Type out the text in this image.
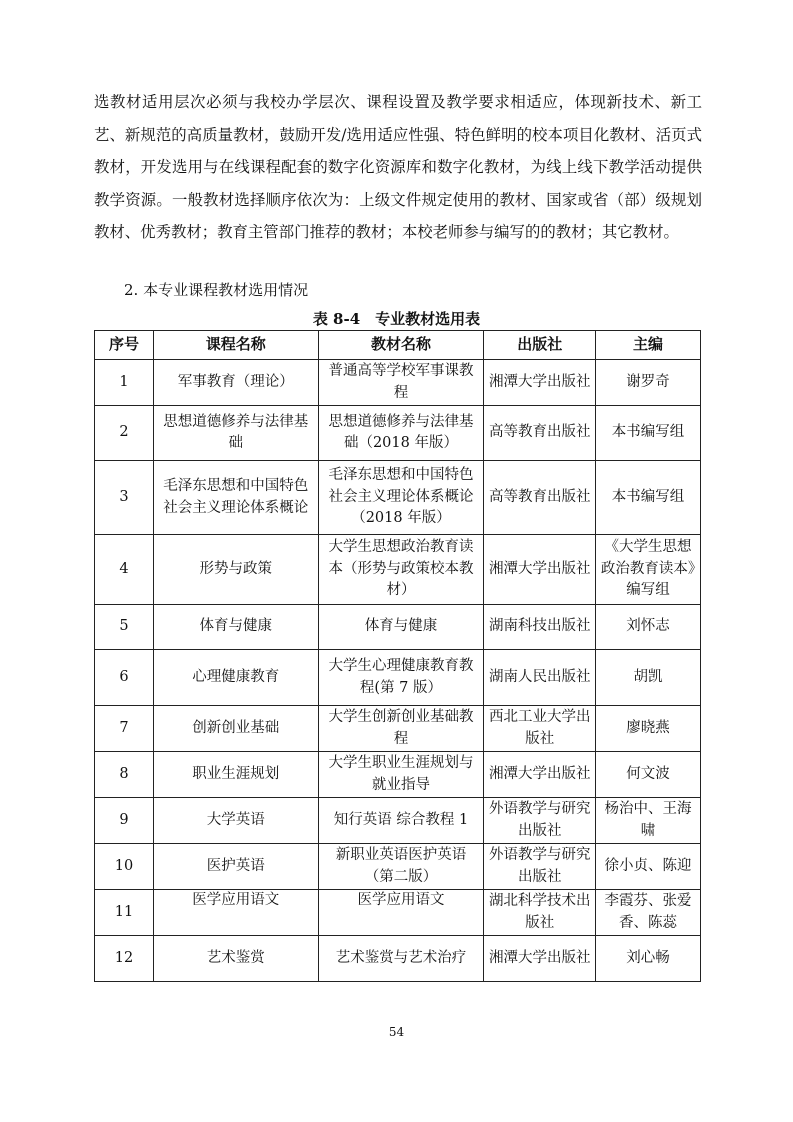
选教材适用层次必须与我校办学层次、课程设置及教学要求相适应，体现新技术、新工艺、新规范的高质量教材，鼓励开发/选用适应性强、特色鲜明的校本项目化教材、活页式教材，开发选用与在线课程配套的数字化资源库和数字化教材，为线上线下教学活动提供教学资源。一般教材选择顺序依次为：上级文件规定使用的教材、国家或省（部）级规划教材、优秀教材；教育主管部门推荐的教材；本校老师参与编写的的教材；其它教材。

2. 本专业课程教材选用情况
表 8-4　专业教材选用表
序号	课程名称	教材名称	出版社	主编
1	军事教育（理论）	普通高等学校军事课教程	湘潭大学出版社	谢罗奇
2	思想道德修养与法律基础	思想道德修养与法律基础（2018 年版）	高等教育出版社	本书编写组
3	毛泽东思想和中国特色社会主义理论体系概论	毛泽东思想和中国特色社会主义理论体系概论（2018 年版）	高等教育出版社	本书编写组
4	形势与政策	大学生思想政治教育读本（形势与政策校本教材）	湘潭大学出版社	《大学生思想政治教育读本》编写组
5	体育与健康	体育与健康	湖南科技出版社	刘怀志
6	心理健康教育	大学生心理健康教育教程(第 7 版）	湖南人民出版社	胡凯
7	创新创业基础	大学生创新创业基础教程	西北工业大学出版社	廖晓燕
8	职业生涯规划	大学生职业生涯规划与就业指导	湘潭大学出版社	何文波
9	大学英语	知行英语 综合教程 1	外语教学与研究出版社	杨治中、王海啸
10	医护英语	新职业英语医护英语（第二版）	外语教学与研究出版社	徐小贞、陈迎
11	医学应用语文	医学应用语文	湖北科学技术出版社	李霞芬、张爱香、陈蕊
12	艺术鉴赏	艺术鉴赏与艺术治疗	湘潭大学出版社	刘心畅
54
